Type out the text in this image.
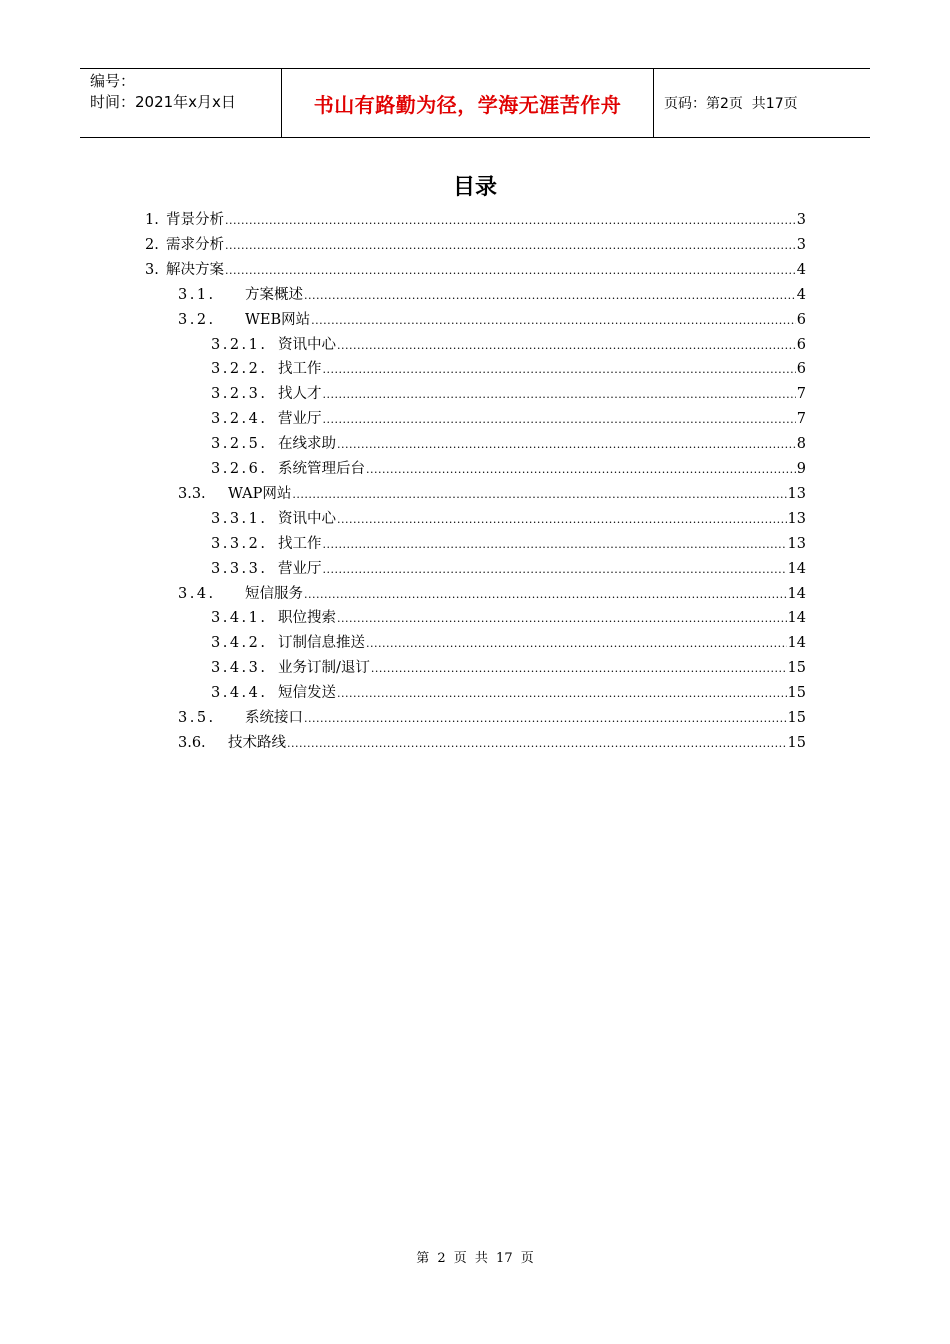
编号：
时间：2021年x月x日	书山有路勤为径，学海无涯苦作舟	页码：第2页  共17页
目录
1. 背景分析 .....	3
2. 需求分析 .....	3
3. 解决方案 .....	4
3.1.	方案概述 .....	4
3.2.	WEB网站 .....	6
3.2.1. 资讯中心 .....	6
3.2.2. 找工作 .....	6
3.2.3. 找人才 .....	7
3.2.4. 营业厅 .....	7
3.2.5. 在线求助 .....	8
3.2.6. 系统管理后台 .....	9
3.3.	WAP网站 .....	13
3.3.1. 资讯中心 .....	13
3.3.2. 找工作 .....	13
3.3.3. 营业厅 .....	14
3.4.	短信服务 .....	14
3.4.1. 职位搜索 .....	14
3.4.2. 订制信息推送 .....	14
3.4.3. 业务订制/退订 .....	15
3.4.4. 短信发送 .....	15
3.5.	系统接口 .....	15
3.6.	技术路线 .....	15
第 2 页 共 17 页
